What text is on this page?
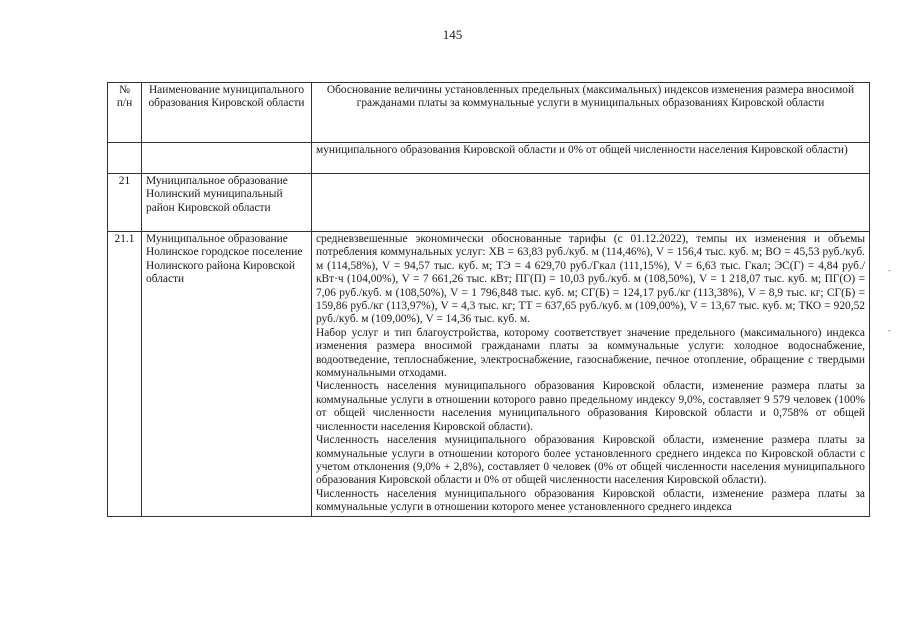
145
№
п/н	Наименование муниципального образования Кировской области	Обоснование величины установленных предельных (максимальных) индексов изменения размера вносимой гражданами платы за коммунальные услуги в муниципальных образованиях Кировской области
		муниципального образования Кировской области и 0% от общей численности населения Кировской области)
21	Муниципальное образование Нолинский муниципальный район Кировской области	
21.1	Муниципальное образование Нолинское городское поселение Нолинского района Кировской области	средневзвешенные экономически обоснованные тарифы (с 01.12.2022), темпы их изменения и объемы потребления коммунальных услуг: ХВ = 63,83 руб./куб. м (114,46%), V = 156,4 тыс. куб. м; ВО = 45,53 руб./куб. м (114,58%), V = 94,57 тыс. куб. м; ТЭ = 4 629,70 руб./Гкал (111,15%), V = 6,63 тыс. Гкал; ЭС(Г) = 4,84 руб./кВт·ч (104,00%), V = 7 661,26 тыс. кВт; ПГ(П) = 10,03 руб./куб. м (108,50%), V = 1 218,07 тыс. куб. м; ПГ(О) = 7,06 руб./куб. м (108,50%), V = 1 796,848 тыс. куб. м; СГ(Б) = 124,17 руб./кг (113,38%), V = 8,9 тыс. кг; СГ(Б) = 159,86 руб./кг (113,97%), V = 4,3 тыс. кг; ТТ = 637,65 руб./куб. м (109,00%), V = 13,67 тыс. куб. м; ТКО = 920,52 руб./куб. м (109,00%), V = 14,36 тыс. куб. м.

Набор услуг и тип благоустройства, которому соответствует значение предельного (максимального) индекса изменения размера вносимой гражданами платы за коммунальные услуги: холодное водоснабжение, водоотведение, теплоснабжение, электроснабжение, газоснабжение, печное отопление, обращение с твердыми коммунальными отходами.

Численность населения муниципального образования Кировской области, изменение размера платы за коммунальные услуги в отношении которого равно предельному индексу 9,0%, составляет 9 579 человек (100% от общей численности населения муниципального образования Кировской области и 0,758% от общей численности населения Кировской области).

Численность населения муниципального образования Кировской области, изменение размера платы за коммунальные услуги в отношении которого более установленного среднего индекса по Кировской области с учетом отклонения (9,0% + 2,8%), составляет 0 человек (0% от общей численности населения муниципального образования Кировской области и 0% от общей численности населения Кировской области).

Численность населения муниципального образования Кировской области, изменение размера платы за коммунальные услуги в отношении которого менее установленного среднего индекса

-
-
